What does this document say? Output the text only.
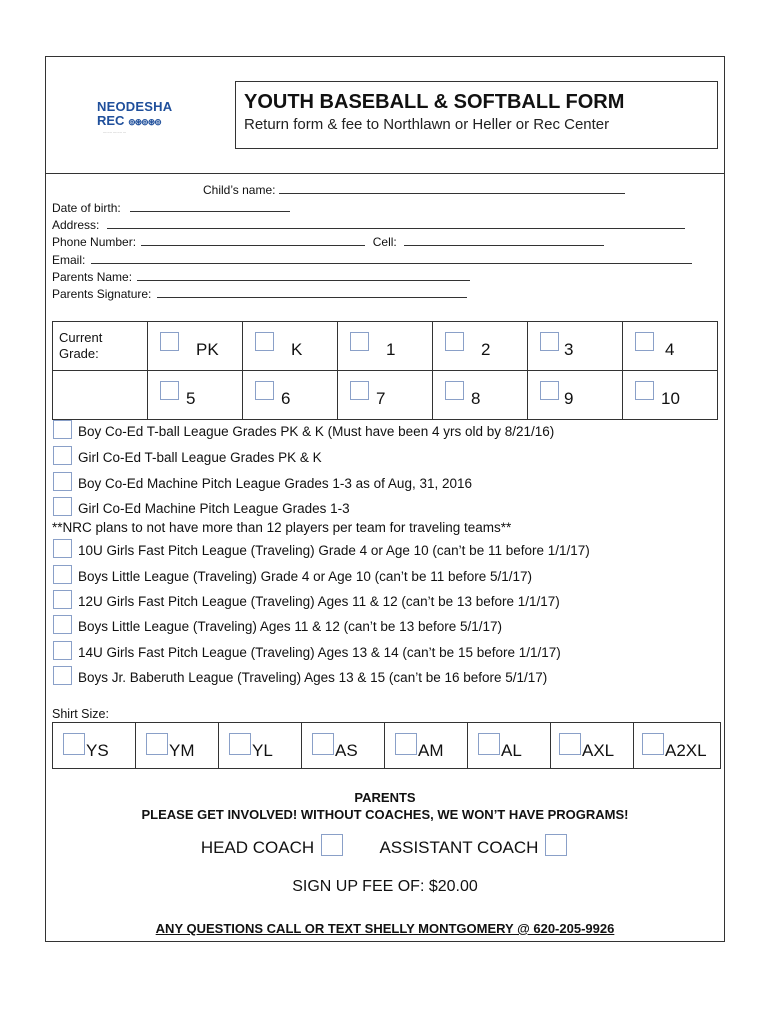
NEODESHA
REC ⊚⊛⊚⊛⊚
........ ........ ...
YOUTH BASEBALL & SOFTBALL FORM
Return form & fee to Northlawn or Heller or Rec Center
Child’s name:
Date of birth:
Address:
Phone Number:	Cell:
Email:
Parents Name:
Parents Signature:
Current
Grade:	PK	K	1	2	3	4

	5	6	7	8	9	10
Boy Co-Ed T-ball League Grades PK & K (Must have been 4 yrs old by 8/21/16)
Girl Co-Ed T-ball League Grades PK & K
Boy Co-Ed Machine Pitch League Grades 1-3 as of Aug, 31, 2016
Girl Co-Ed Machine Pitch League Grades 1-3
**NRC plans to not have more than 12 players per team for traveling teams**
10U Girls Fast Pitch League (Traveling) Grade 4 or Age 10 (can’t be 11 before 1/1/17)
Boys Little League (Traveling) Grade 4 or Age 10 (can’t be 11 before 5/1/17)
12U Girls Fast Pitch League (Traveling) Ages 11 & 12 (can’t be 13 before 1/1/17)
Boys Little League (Traveling) Ages 11 & 12 (can’t be 13 before 5/1/17)
14U Girls Fast Pitch League (Traveling) Ages 13 & 14 (can’t be 15 before 1/1/17)
Boys Jr. Baberuth League (Traveling) Ages 13 & 15 (can’t be 16 before 5/1/17)
Shirt Size:
YS	YM	YL	AS	AM	AL	AXL	A2XL
PARENTS
PLEASE GET INVOLVED! WITHOUT COACHES, WE WON’T HAVE PROGRAMS!
HEAD COACH	ASSISTANT COACH
SIGN UP FEE OF: $20.00
ANY QUESTIONS CALL OR TEXT SHELLY MONTGOMERY @ 620-205-9926
